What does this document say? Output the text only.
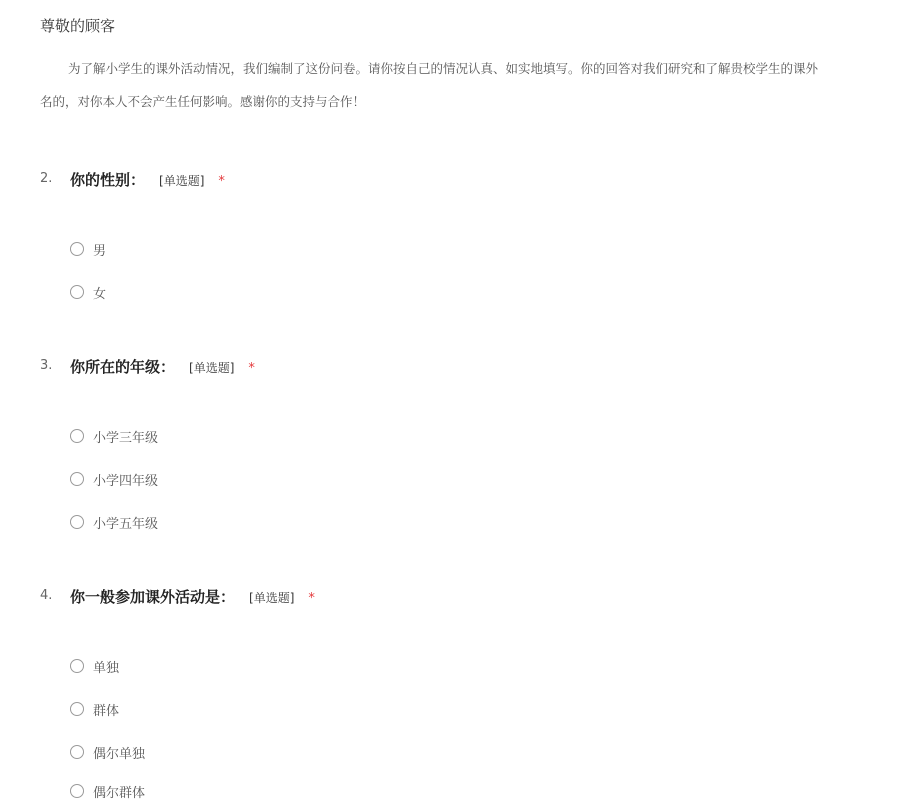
尊敬的顾客
为了解小学生的课外活动情况，我们编制了这份问卷。请你按自己的情况认真、如实地填写。你的回答对我们研究和了解贵校学生的课外
名的，对你本人不会产生任何影响。感谢你的支持与合作！
2. 你的性别： [单选题] *
男
女
3. 你所在的年级： [单选题] *
小学三年级
小学四年级
小学五年级
4. 你一般参加课外活动是： [单选题] *
单独
群体
偶尔单独
偶尔群体
